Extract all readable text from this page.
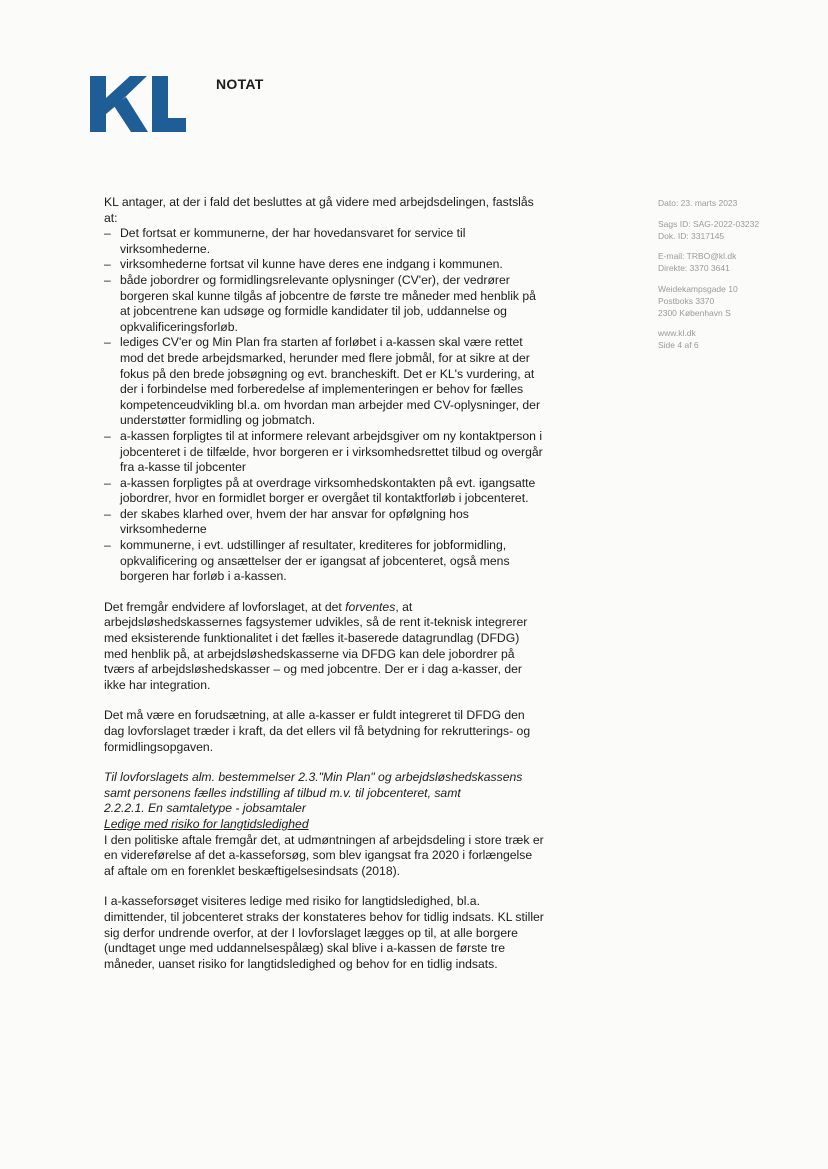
NOTAT
Dato: 23. marts 2023
Sags ID: SAG-2022-03232
Dok. ID: 3317145
E-mail: TRBO@kl.dk
Direkte: 3370 3641
Weidekampsgade 10
Postboks 3370
2300 København S
www.kl.dk
Side 4 af 6

KL antager, at der i fald det besluttes at gå videre med arbejdsdelingen, fastslås at:

– Det fortsat er kommunerne, der har hovedansvaret for service til virksomhederne.
– virksomhederne fortsat vil kunne have deres ene indgang i kommunen.
– både jobordrer og formidlingsrelevante oplysninger (CV'er), der vedrører borgeren skal kunne tilgås af jobcentre de første tre måneder med henblik på at jobcentrene kan udsøge og formidle kandidater til job, uddannelse og opkvalificeringsforløb.
– lediges CV'er og Min Plan fra starten af forløbet i a-kassen skal være rettet mod det brede arbejdsmarked, herunder med flere jobmål, for at sikre at der fokus på den brede jobsøgning og evt. brancheskift. Det er KL's vurdering, at der i forbindelse med forberedelse af implementeringen er behov for fælles kompetenceudvikling bl.a. om hvordan man arbejder med CV-oplysninger, der understøtter formidling og jobmatch.
– a-kassen forpligtes til at informere relevant arbejdsgiver om ny kontaktperson i jobcenteret i de tilfælde, hvor borgeren er i virksomhedsrettet tilbud og overgår fra a-kasse til jobcenter
– a-kassen forpligtes på at overdrage virksomhedskontakten på evt. igangsatte jobordrer, hvor en formidlet borger er overgået til kontaktforløb i jobcenteret.
– der skabes klarhed over, hvem der har ansvar for opfølgning hos virksomhederne
– kommunerne, i evt. udstillinger af resultater, krediteres for jobformidling, opkvalificering og ansættelser der er igangsat af jobcenteret, også mens borgeren har forløb i a-kassen.

Det fremgår endvidere af lovforslaget, at det forventes, at arbejdsløshedskassernes fagsystemer udvikles, så de rent it-teknisk integrerer med eksisterende funktionalitet i det fælles it-baserede datagrundlag (DFDG) med henblik på, at arbejdsløshedskasserne via DFDG kan dele jobordrer på tværs af arbejdsløshedskasser – og med jobcentre. Der er i dag a-kasser, der ikke har integration.

Det må være en forudsætning, at alle a-kasser er fuldt integreret til DFDG den dag lovforslaget træder i kraft, da det ellers vil få betydning for rekrutterings- og formidlingsopgaven.

Til lovforslagets alm. bestemmelser 2.3."Min Plan" og arbejdsløshedskassens samt personens fælles indstilling af tilbud m.v. til jobcenteret, samt
2.2.2.1. En samtaletype - jobsamtaler
Ledige med risiko for langtidsledighed

I den politiske aftale fremgår det, at udmøntningen af arbejdsdeling i store træk er en videreførelse af det a-kasseforsøg, som blev igangsat fra 2020 i forlængelse af aftale om en forenklet beskæftigelsesindsats (2018).

I a-kasseforsøget visiteres ledige med risiko for langtidsledighed, bl.a. dimittender, til jobcenteret straks der konstateres behov for tidlig indsats. KL stiller sig derfor undrende overfor, at der I lovforslaget lægges op til, at alle borgere (undtaget unge med uddannelsespålæg) skal blive i a-kassen de første tre måneder, uanset risiko for langtidsledighed og behov for en tidlig indsats.
